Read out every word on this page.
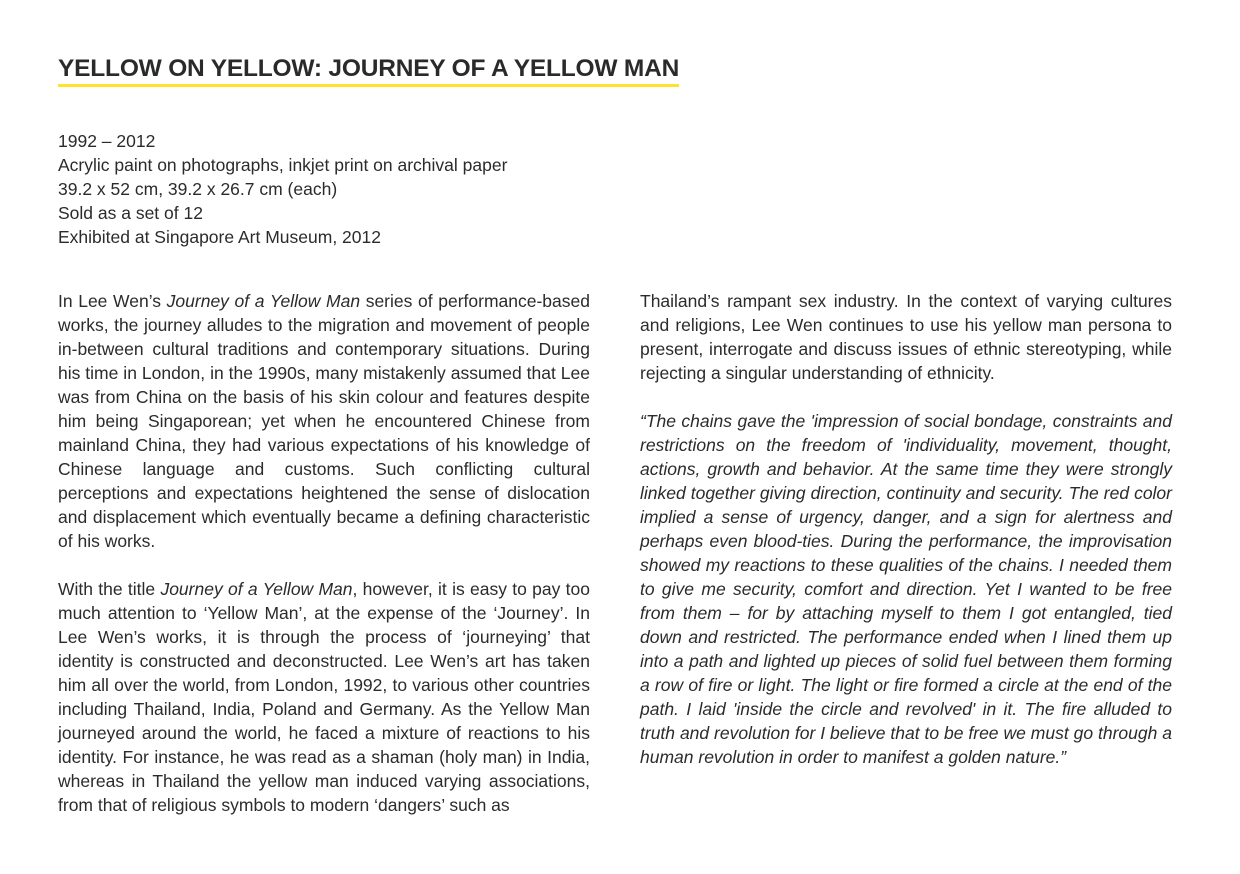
YELLOW ON YELLOW: JOURNEY OF A YELLOW MAN
1992 – 2012
Acrylic paint on photographs, inkjet print on archival paper
39.2 x 52 cm, 39.2 x 26.7 cm (each)
Sold as a set of 12
Exhibited at Singapore Art Museum, 2012

In Lee Wen’s Journey of a Yellow Man series of performance-based works, the journey alludes to the migration and movement of people in-between cultural traditions and contemporary situations. During his time in London, in the 1990s, many mistakenly assumed that Lee was from China on the basis of his skin colour and features despite him being Singaporean; yet when he encountered Chinese from mainland China, they had various expectations of his knowledge of Chinese language and customs. Such conflicting cultural perceptions and expectations heightened the sense of dislocation and displacement which eventually became a defining characteristic of his works.

With the title Journey of a Yellow Man, however, it is easy to pay too much attention to ‘Yellow Man’, at the expense of the ‘Journey’. In Lee Wen’s works, it is through the process of ‘journeying’ that identity is constructed and deconstructed. Lee Wen’s art has taken him all over the world, from London, 1992, to various other countries including Thailand, India, Poland and Germany. As the Yellow Man journeyed around the world, he faced a mixture of reactions to his identity. For instance, he was read as a shaman (holy man) in India, whereas in Thailand the yellow man induced varying associations, from that of religious symbols to modern ‘dangers’ such as

Thailand’s rampant sex industry. In the context of varying cultures and religions, Lee Wen continues to use his yellow man persona to present, interrogate and discuss issues of ethnic stereotyping, while rejecting a singular understanding of ethnicity.

“The chains gave the 'impression of social bondage, constraints and restrictions on the freedom of 'individuality, movement, thought, actions, growth and behavior. At the same time they were strongly linked together giving direction, continuity and security. The red color implied a sense of urgency, danger, and a sign for alertness and perhaps even blood-ties. During the performance, the improvisation showed my reactions to these qualities of the chains. I needed them to give me security, comfort and direction. Yet I wanted to be free from them – for by attaching myself to them I got entangled, tied down and restricted. The performance ended when I lined them up into a path and lighted up pieces of solid fuel between them forming a row of fire or light. The light or fire formed a circle at the end of the path. I laid 'inside the circle and revolved' in it. The fire alluded to truth and revolution for I believe that to be free we must go through a human revolution in order to manifest a golden nature.”
